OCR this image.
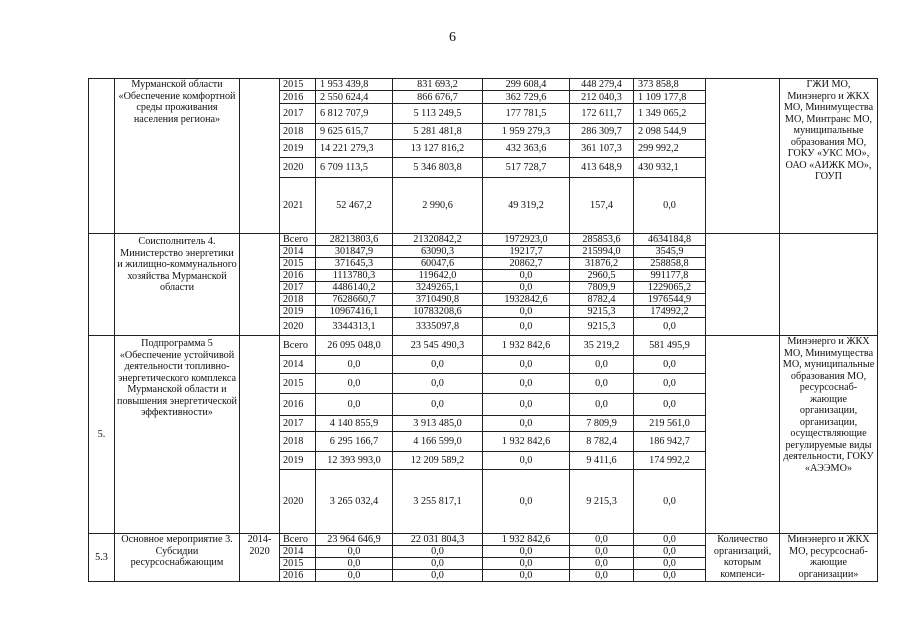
6
	Мурманской области «Обеспечение комфортной среды проживания населения региона»		2015	1 953 439,8	831 693,2	299 608,4	448 279,4	373 858,8		ГЖИ МО, Минэнерго и ЖКХ МО, Минимущества МО, Минтранс МО, муниципальные образования МО, ГОКУ «УКС МО», ОАО «АИЖК МО», ГОУП
			2016	2 550 624,4	866 676,7	362 729,6	212 040,3	1 109 177,8		
			2017	6 812 707,9	5 113 249,5	177 781,5	172 611,7	1 349 065,2		
			2018	9 625 615,7	5 281 481,8	1 959 279,3	286 309,7	2 098 544,9		
			2019	14 221 279,3	13 127 816,2	432 363,6	361 107,3	299 992,2		
			2020	6 709 113,5	5 346 803,8	517 728,7	413 648,9	430 932,1		
			2021	52 467,2	2 990,6	49 319,2	157,4	0,0		
	Соисполнитель 4. Министерство энергетики и жилищно-коммунального хозяйства Мурманской области		Всего	28213803,6	21320842,2	1972923,0	285853,6	4634184,8		
			2014	301847,9	63090,3	19217,7	215994,0	3545,9		
			2015	371645,3	60047,6	20862,7	31876,2	258858,8		
			2016	1113780,3	119642,0	0,0	2960,5	991177,8		
			2017	4486140,2	3249265,1	0,0	7809,9	1229065,2		
			2018	7628660,7	3710490,8	1932842,6	8782,4	1976544,9		
			2019	10967416,1	10783208,6	0,0	9215,3	174992,2		
			2020	3344313,1	3335097,8	0,0	9215,3	0,0		
5.	Подпрограмма 5 «Обеспечение устойчивой деятельности топливно-энергетического комплекса Мурманской области и повышения энергетической эффективности»		Всего	26 095 048,0	23 545 490,3	1 932 842,6	35 219,2	581 495,9		Минэнерго и ЖКХ МО, Минимущества МО, муниципальные образования МО, ресурсоснаб-жающие организации, организации, осуществляющие регулируемые виды деятельности, ГОКУ «АЭЭМО»
			2014	0,0	0,0	0,0	0,0	0,0		
			2015	0,0	0,0	0,0	0,0	0,0		
			2016	0,0	0,0	0,0	0,0	0,0		
			2017	4 140 855,9	3 913 485,0	0,0	7 809,9	219 561,0		
			2018	6 295 166,7	4 166 599,0	1 932 842,6	8 782,4	186 942,7		
			2019	12 393 993,0	12 209 589,2	0,0	9 411,6	174 992,2		
			2020	3 265 032,4	3 255 817,1	0,0	9 215,3	0,0		
5.3	Основное мероприятие 3. Субсидии ресурсоснабжающим	2014-2020	Всего	23 964 646,9	22 031 804,3	1 932 842,6	0,0	0,0	Количество организаций, которым компенси-	Минэнерго и ЖКХ МО, ресурсоснаб-жающие организации»
			2014	0,0	0,0	0,0	0,0	0,0		
			2015	0,0	0,0	0,0	0,0	0,0		
			2016	0,0	0,0	0,0	0,0	0,0		
